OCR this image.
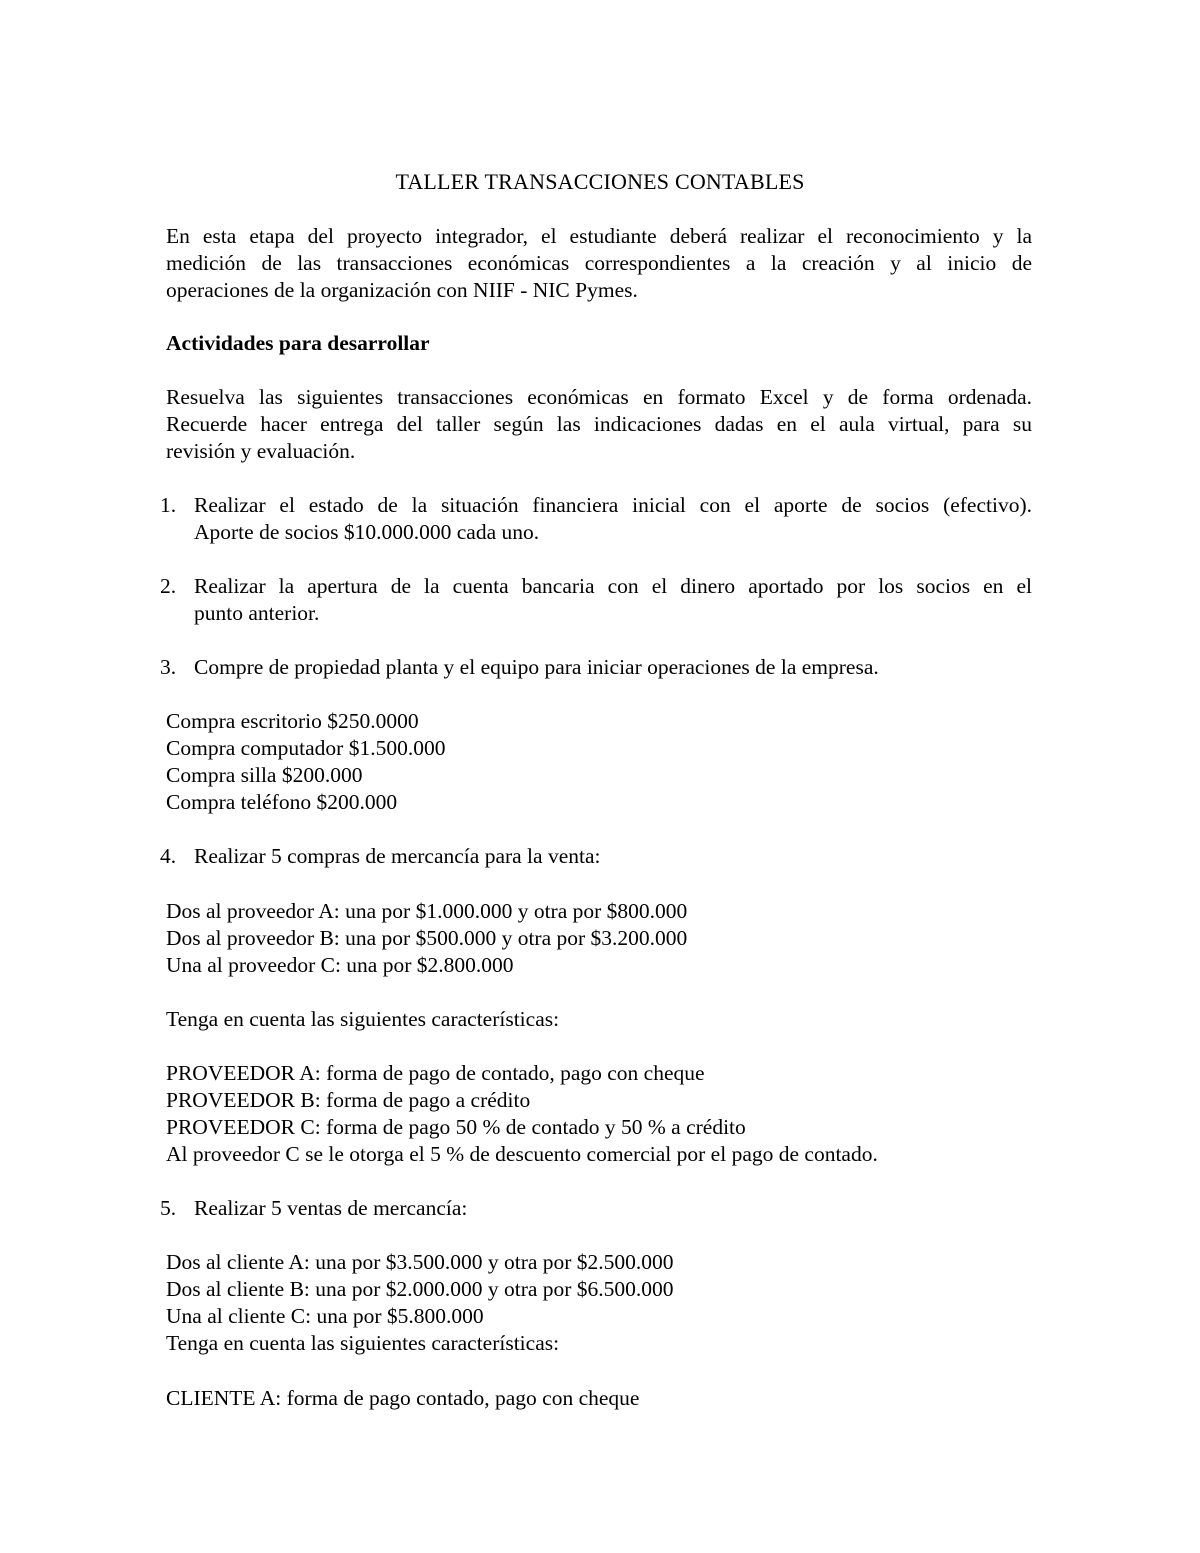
TALLER TRANSACCIONES CONTABLES
En esta etapa del proyecto integrador, el estudiante deberá realizar el reconocimiento y la
medición de las transacciones económicas correspondientes a la creación y al inicio de
operaciones de la organización con NIIF - NIC Pymes.
Actividades para desarrollar
Resuelva las siguientes transacciones económicas en formato Excel y de forma ordenada.
Recuerde hacer entrega del taller según las indicaciones dadas en el aula virtual, para su
revisión y evaluación.
1. Realizar el estado de la situación financiera inicial con el aporte de socios (efectivo).
Aporte de socios $10.000.000 cada uno.
2. Realizar la apertura de la cuenta bancaria con el dinero aportado por los socios en el
punto anterior.
3. Compre de propiedad planta y el equipo para iniciar operaciones de la empresa.
Compra escritorio $250.0000
Compra computador $1.500.000
Compra silla $200.000
Compra teléfono $200.000
4. Realizar 5 compras de mercancía para la venta:
Dos al proveedor A: una por $1.000.000 y otra por $800.000
Dos al proveedor B: una por $500.000 y otra por $3.200.000
Una al proveedor C: una por $2.800.000
Tenga en cuenta las siguientes características:
PROVEEDOR A: forma de pago de contado, pago con cheque
PROVEEDOR B: forma de pago a crédito
PROVEEDOR C: forma de pago 50 % de contado y 50 % a crédito
Al proveedor C se le otorga el 5 % de descuento comercial por el pago de contado.
5. Realizar 5 ventas de mercancía:
Dos al cliente A: una por $3.500.000 y otra por $2.500.000
Dos al cliente B: una por $2.000.000 y otra por $6.500.000
Una al cliente C: una por $5.800.000
Tenga en cuenta las siguientes características:
CLIENTE A: forma de pago contado, pago con cheque
